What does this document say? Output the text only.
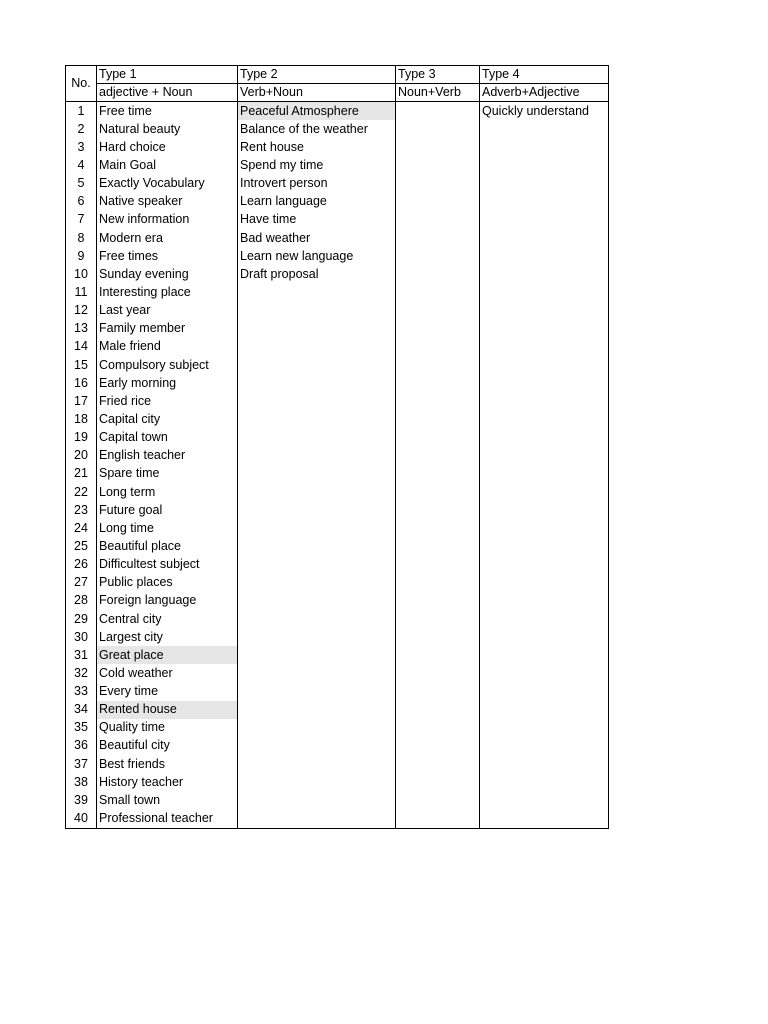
No.	Type 1	Type 2	Type 3	Type 4
	adjective + Noun	Verb+Noun	Noun+Verb	Adverb+Adjective
1	Free time	Peaceful Atmosphere		Quickly understand
2	Natural beauty	Balance of the weather		
3	Hard choice	Rent house		
4	Main Goal	Spend my time		
5	Exactly Vocabulary	Introvert person		
6	Native speaker	Learn language		
7	New information	Have time		
8	Modern era	Bad weather		
9	Free times	Learn new language		
10	Sunday evening	Draft proposal		
11	Interesting place			
12	Last year			
13	Family member			
14	Male friend			
15	Compulsory subject			
16	Early morning			
17	Fried rice			
18	Capital city			
19	Capital town			
20	English teacher			
21	Spare time			
22	Long term			
23	Future goal			
24	Long time			
25	Beautiful place			
26	Difficultest subject			
27	Public places			
28	Foreign language			
29	Central city			
30	Largest city			
31	Great place			
32	Cold weather			
33	Every time			
34	Rented house			
35	Quality time			
36	Beautiful city			
37	Best friends			
38	History teacher			
39	Small town			
40	Professional teacher			
